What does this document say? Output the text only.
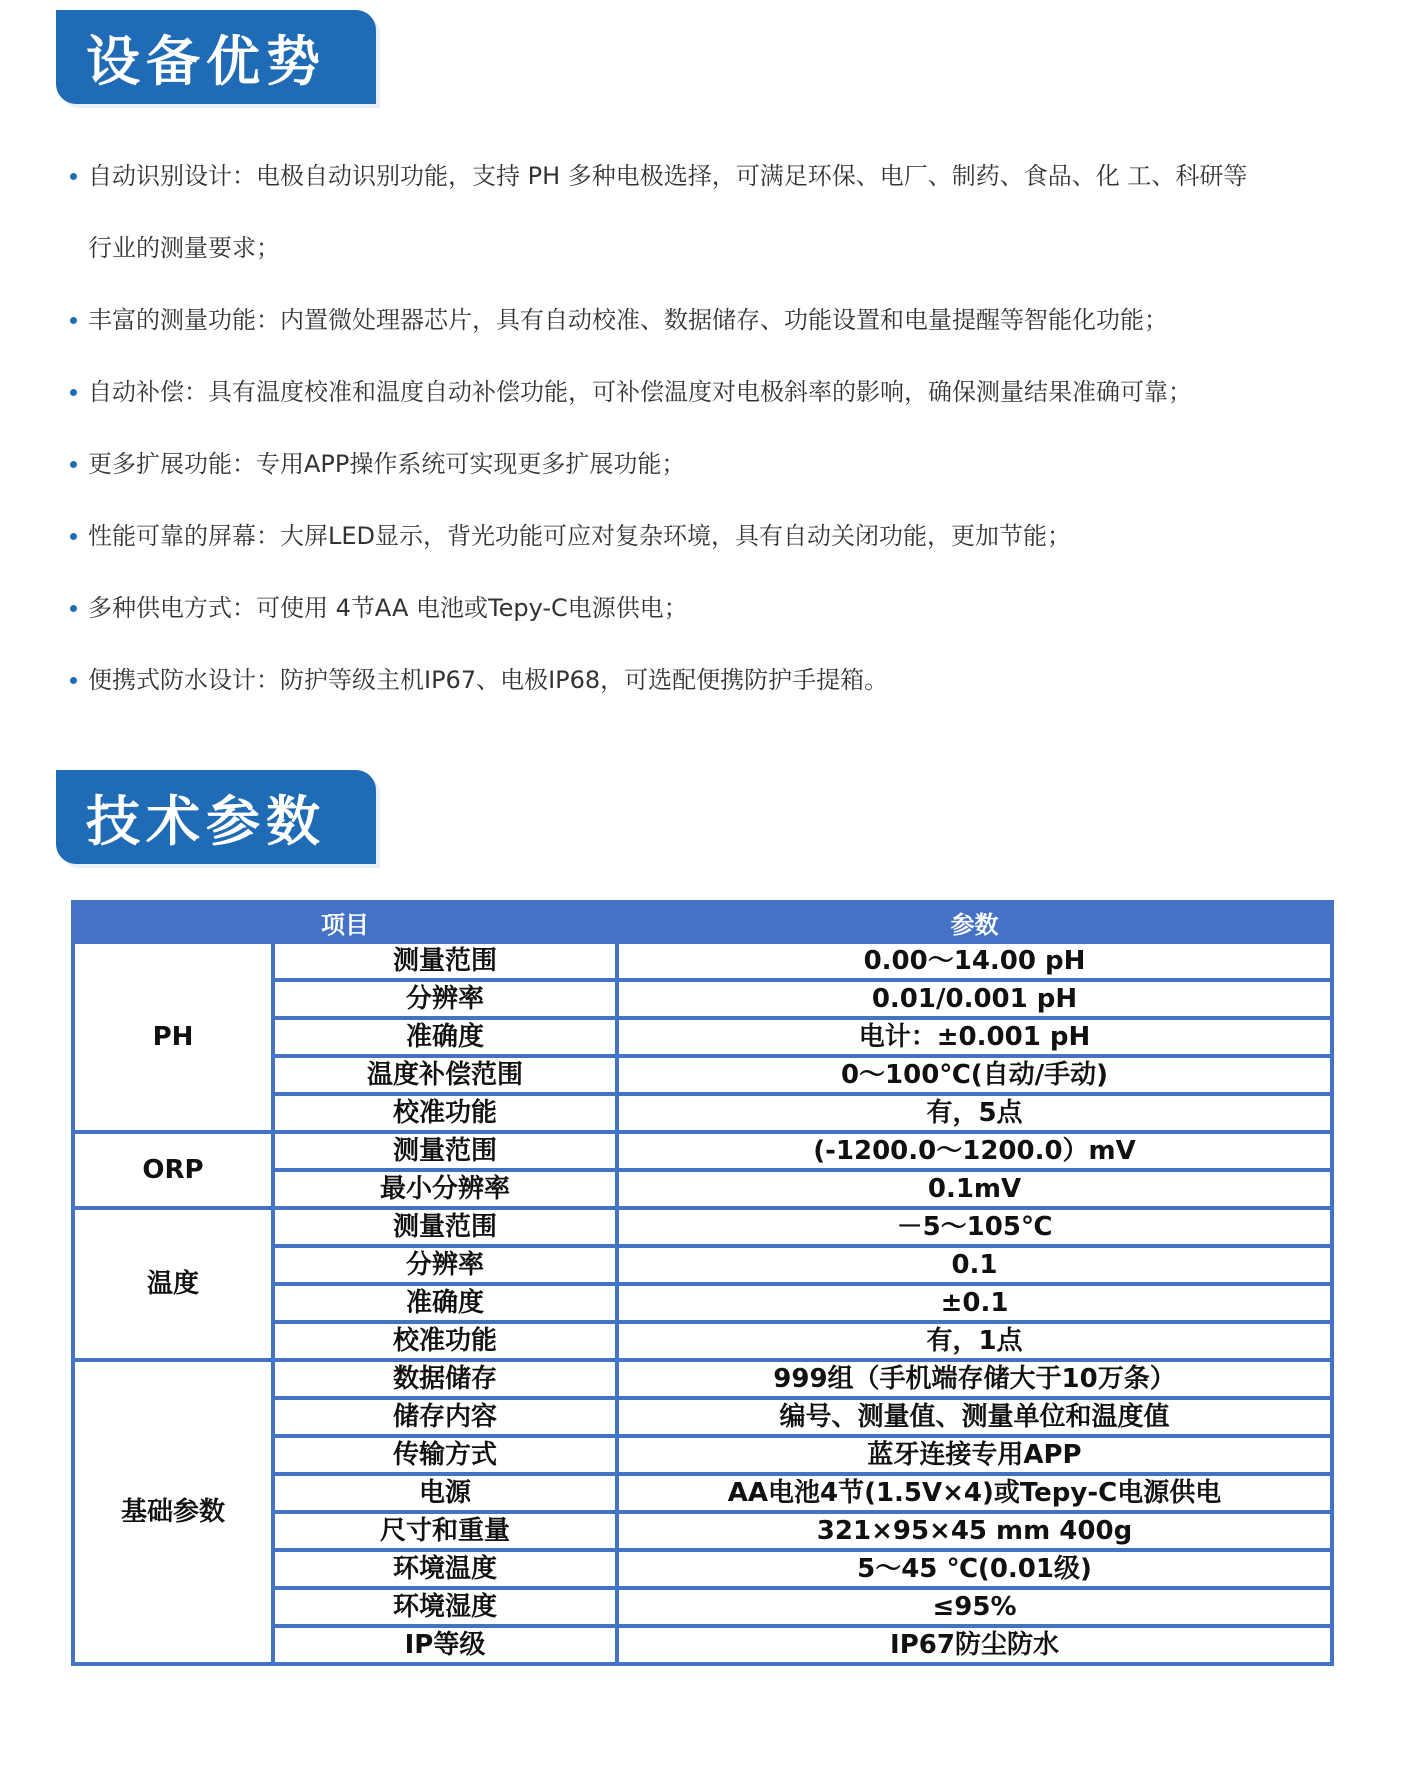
设备优势
自动识别设计：电极自动识别功能，支持 PH 多种电极选择，可满足环保、电厂、制药、食品、化 工、科研等
行业的测量要求；
丰富的测量功能：内置微处理器芯片，具有自动校准、数据储存、功能设置和电量提醒等智能化功能；
自动补偿：具有温度校准和温度自动补偿功能，可补偿温度对电极斜率的影响，确保测量结果准确可靠；
更多扩展功能：专用APP操作系统可实现更多扩展功能；
性能可靠的屏幕：大屏LED显示，背光功能可应对复杂环境，具有自动关闭功能，更加节能；
多种供电方式：可使用 4节AA 电池或Tepy-C电源供电；
便携式防水设计：防护等级主机IP67、电极IP68，可选配便携防护手提箱。
技术参数
项目		参数
PH	测量范围	0.00～14.00 pH
	分辨率	0.01/0.001 pH
	准确度	电计：±0.001 pH
	温度补偿范围	0～100℃(自动/手动)
	校准功能	有，5点
ORP	测量范围	(-1200.0～1200.0）mV
	最小分辨率	0.1mV
温度	测量范围	－5～105℃
	分辨率	0.1
	准确度	±0.1
	校准功能	有，1点
基础参数	数据储存	999组（手机端存储大于10万条）
	储存内容	编号、测量值、测量单位和温度值
	传输方式	蓝牙连接专用APP
	电源	AA电池4节(1.5V×4)或Tepy-C电源供电
	尺寸和重量	321×95×45 mm 400g
	环境温度	5～45 ℃(0.01级)
	环境湿度	≤95%
	IP等级	IP67防尘防水
